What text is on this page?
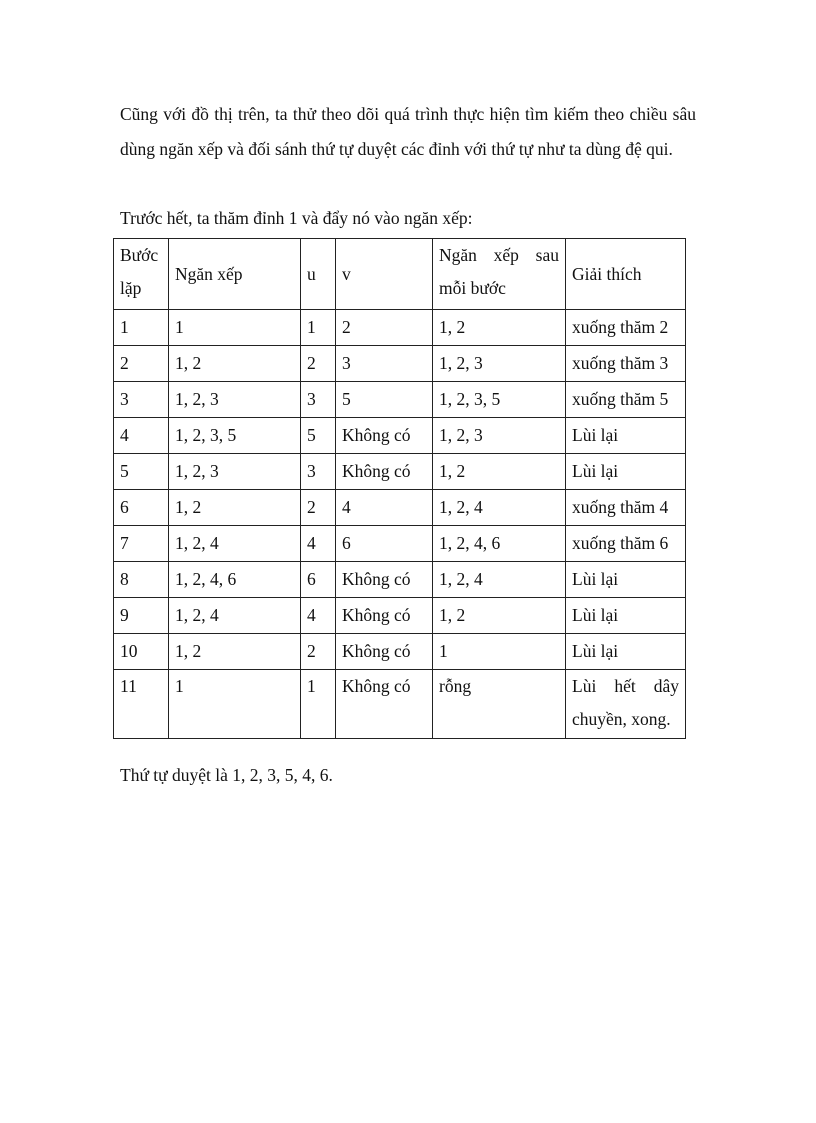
Cũng với đồ thị trên, ta thử theo dõi quá trình thực hiện tìm kiếm theo chiều sâu dùng ngăn xếp và đối sánh thứ tự duyệt các đỉnh với thứ tự như ta dùng đệ qui.

Trước hết, ta thăm đỉnh 1 và đẩy nó vào ngăn xếp:

Bước lặp	Ngăn xếp	u	v	Ngăn xếp sau mỗi bước	Giải thích
1	1	1	2	1, 2	xuống thăm 2
2	1, 2	2	3	1, 2, 3	xuống thăm 3
3	1, 2, 3	3	5	1, 2, 3, 5	xuống thăm 5
4	1, 2, 3, 5	5	Không có	1, 2, 3	Lùi lại
5	1, 2, 3	3	Không có	1, 2	Lùi lại
6	1, 2	2	4	1, 2, 4	xuống thăm 4
7	1, 2, 4	4	6	1, 2, 4, 6	xuống thăm 6
8	1, 2, 4, 6	6	Không có	1, 2, 4	Lùi lại
9	1, 2, 4	4	Không có	1, 2	Lùi lại
10	1, 2	2	Không có	1	Lùi lại
11	1	1	Không có	rỗng	Lùi hết dây chuyền, xong.

Thứ tự duyệt là 1, 2, 3, 5, 4, 6.
